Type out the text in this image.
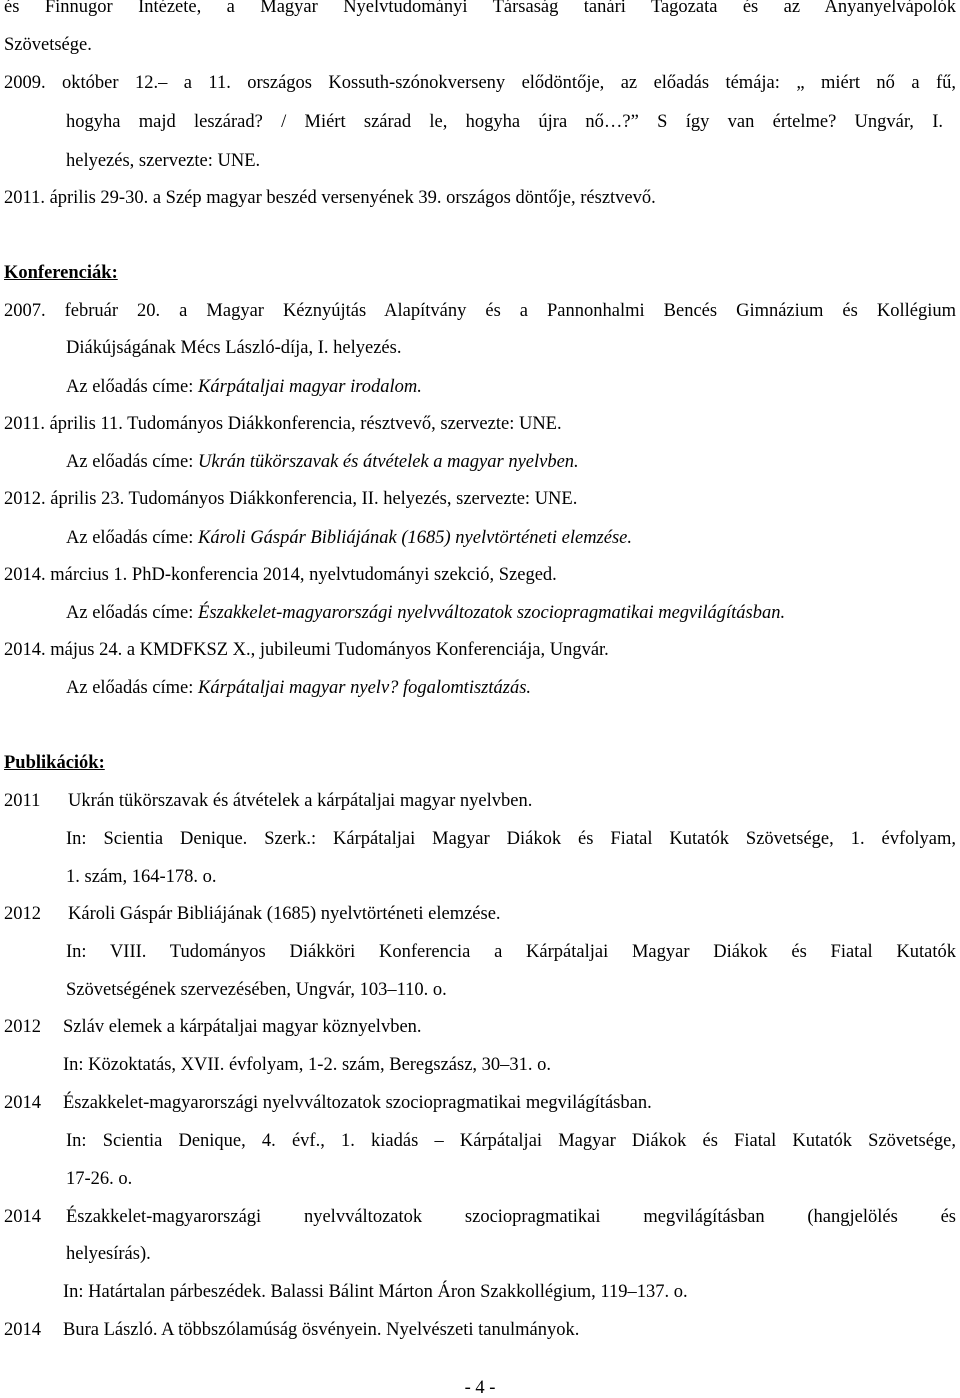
és Finnugor Intézete, a Magyar Nyelvtudományi Társaság tanári Tagozata és az Anyanyelvápolók
Szövetsége.
2009. október 12.– a 11. országos Kossuth-szónokverseny elődöntője, az előadás témája: „ miért nő a fű,
hogyha majd leszárad? / Miért szárad le, hogyha újra nő…?” S így van értelme? Ungvár, I.
helyezés, szervezte: UNE.
2011. április 29-30. a Szép magyar beszéd versenyének 39. országos döntője, résztvevő.
Konferenciák:
2007. február 20. a Magyar Kéznyújtás Alapítvány és a Pannonhalmi Bencés Gimnázium és Kollégium
Diákújságának Mécs László-díja, I. helyezés.
Az előadás címe: Kárpátaljai magyar irodalom.
2011. április 11. Tudományos Diákkonferencia, résztvevő, szervezte: UNE.
Az előadás címe: Ukrán tükörszavak és átvételek a magyar nyelvben.
2012. április 23. Tudományos Diákkonferencia, II. helyezés, szervezte: UNE.
Az előadás címe: Károli Gáspár Bibliájának (1685) nyelvtörténeti elemzése.
2014. március 1. PhD-konferencia 2014, nyelvtudományi szekció, Szeged.
Az előadás címe: Északkelet-magyarországi nyelvváltozatok szociopragmatikai megvilágításban.
2014. május 24. a KMDFKSZ X., jubileumi Tudományos Konferenciája, Ungvár.
Az előadás címe: Kárpátaljai magyar nyelv? fogalomtisztázás.
Publikációk:
2011 Ukrán tükörszavak és átvételek a kárpátaljai magyar nyelvben.
In: Scientia Denique. Szerk.: Kárpátaljai Magyar Diákok és Fiatal Kutatók Szövetsége, 1. évfolyam,
1. szám, 164-178. o.
2012 Károli Gáspár Bibliájának (1685) nyelvtörténeti elemzése.
In: VIII. Tudományos Diákköri Konferencia a Kárpátaljai Magyar Diákok és Fiatal Kutatók
Szövetségének szervezésében, Ungvár, 103–110. o.
2012 Szláv elemek a kárpátaljai magyar köznyelvben.
In: Közoktatás, XVII. évfolyam, 1-2. szám, Beregszász, 30–31. o.
2014 Északkelet-magyarországi nyelvváltozatok szociopragmatikai megvilágításban.
In: Scientia Denique, 4. évf., 1. kiadás – Kárpátaljai Magyar Diákok és Fiatal Kutatók Szövetsége,
17-26. o.
2014 Északkelet-magyarországi nyelvváltozatok szociopragmatikai megvilágításban (hangjelölés és
helyesírás).
In: Határtalan párbeszédek. Balassi Bálint Márton Áron Szakkollégium, 119–137. o.
2014 Bura László. A többszólamúság ösvényein. Nyelvészeti tanulmányok.
- 4 -
